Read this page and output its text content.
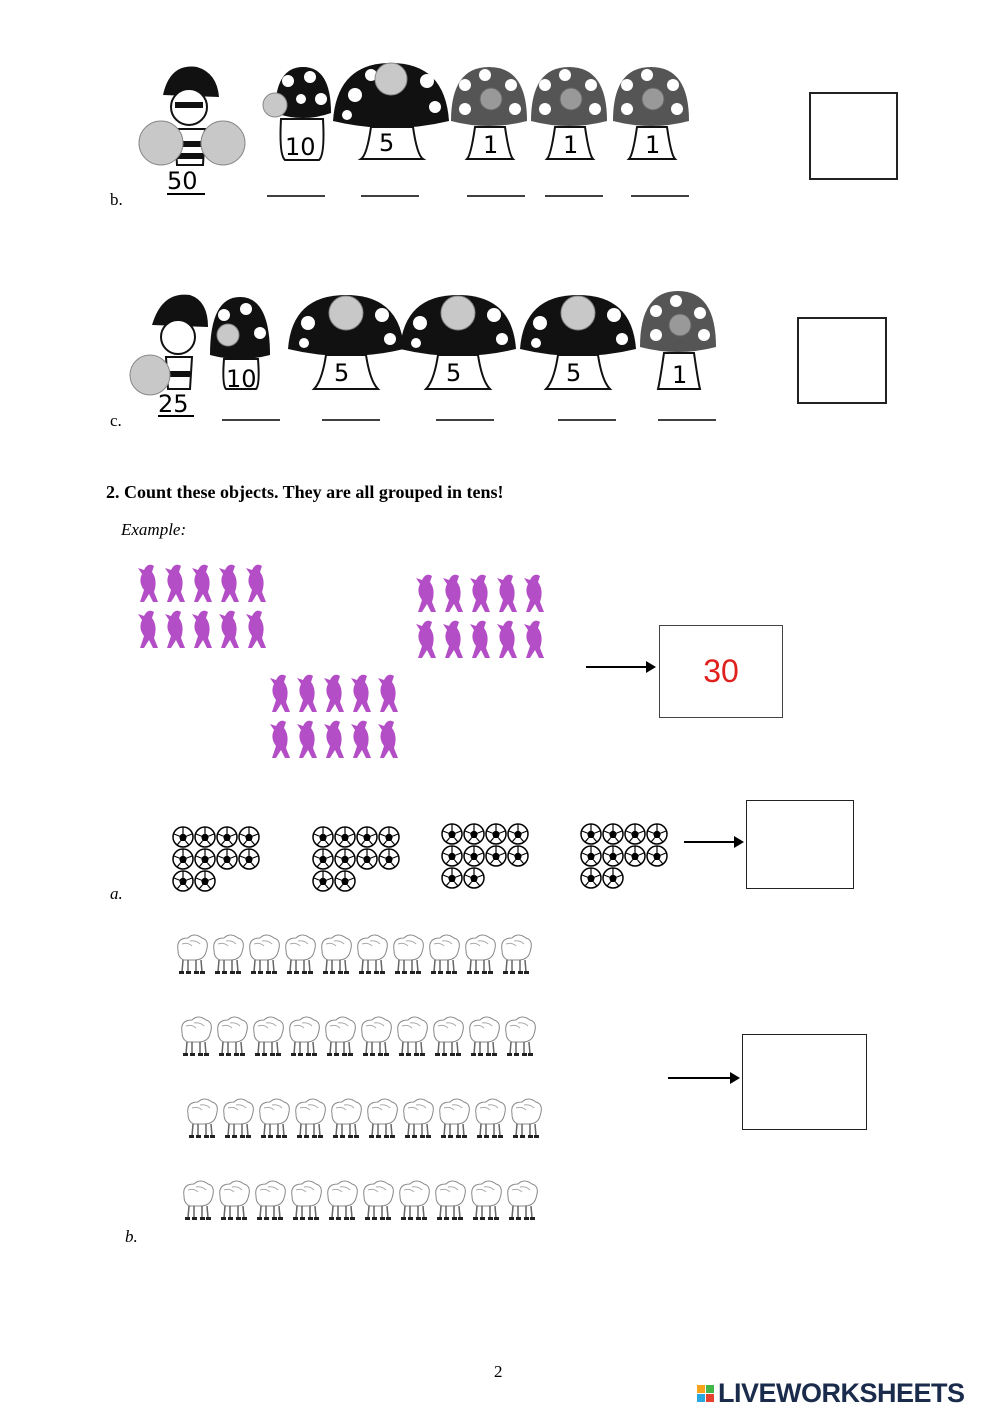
50
10	5	1	1	1
b.
25
10	5	5	5	1
c.
2. Count these objects. They are all grouped in tens!
Example:
30
a.
b.
2
LIVEWORKSHEETS
